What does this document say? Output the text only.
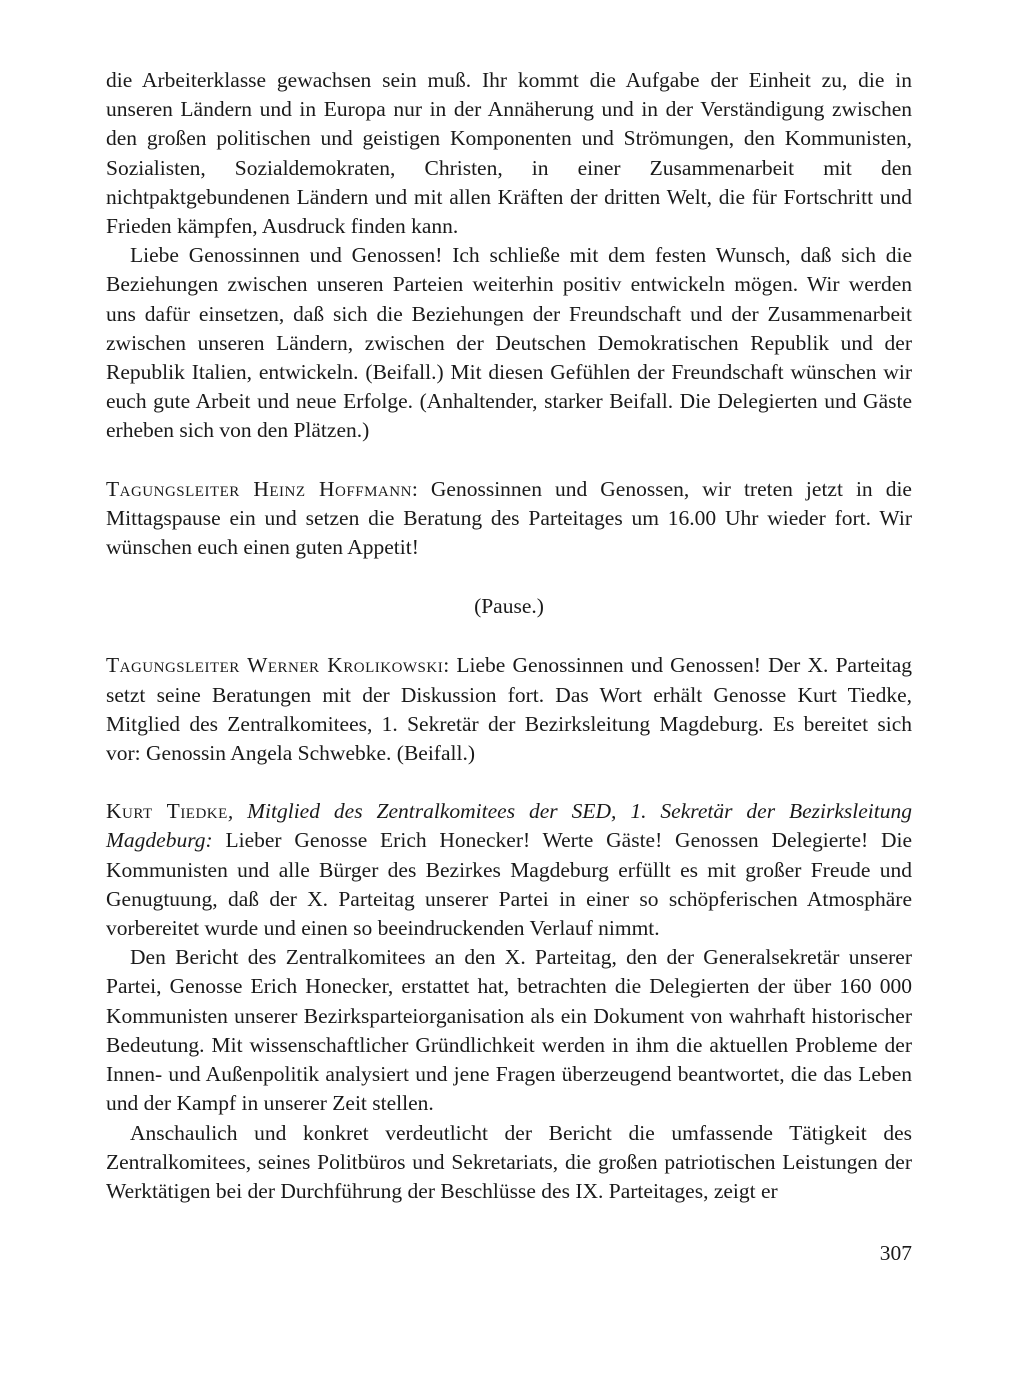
die Arbeiterklasse gewachsen sein muß. Ihr kommt die Aufgabe der Einheit zu, die in unseren Ländern und in Europa nur in der Annäherung und in der Verständigung zwischen den großen politischen und geistigen Komponenten und Strömungen, den Kommunisten, Sozialisten, Sozialdemokraten, Christen, in einer Zusammenarbeit mit den nichtpaktgebundenen Ländern und mit allen Kräften der dritten Welt, die für Fortschritt und Frieden kämpfen, Ausdruck finden kann.

Liebe Genossinnen und Genossen! Ich schließe mit dem festen Wunsch, daß sich die Beziehungen zwischen unseren Parteien weiterhin positiv entwickeln mögen. Wir werden uns dafür einsetzen, daß sich die Beziehungen der Freundschaft und der Zusammenarbeit zwischen unseren Ländern, zwischen der Deutschen Demokratischen Republik und der Republik Italien, entwickeln. (Beifall.) Mit diesen Gefühlen der Freundschaft wünschen wir euch gute Arbeit und neue Erfolge. (Anhaltender, starker Beifall. Die Delegierten und Gäste erheben sich von den Plätzen.)

Tagungsleiter Heinz Hoffmann: Genossinnen und Genossen, wir treten jetzt in die Mittagspause ein und setzen die Beratung des Parteitages um 16.00 Uhr wieder fort. Wir wünschen euch einen guten Appetit!

(Pause.)

Tagungsleiter Werner Krolikowski: Liebe Genossinnen und Genossen! Der X. Parteitag setzt seine Beratungen mit der Diskussion fort. Das Wort erhält Genosse Kurt Tiedke, Mitglied des Zentralkomitees, 1. Sekretär der Bezirksleitung Magdeburg. Es bereitet sich vor: Genossin Angela Schwebke. (Beifall.)

Kurt Tiedke, Mitglied des Zentralkomitees der SED, 1. Sekretär der Bezirksleitung Magdeburg: Lieber Genosse Erich Honecker! Werte Gäste! Genossen Delegierte! Die Kommunisten und alle Bürger des Bezirkes Magdeburg erfüllt es mit großer Freude und Genugtuung, daß der X. Parteitag unserer Partei in einer so schöpferischen Atmosphäre vorbereitet wurde und einen so beeindruckenden Verlauf nimmt.

Den Bericht des Zentralkomitees an den X. Parteitag, den der Generalsekretär unserer Partei, Genosse Erich Honecker, erstattet hat, betrachten die Delegierten der über 160 000 Kommunisten unserer Bezirksparteiorganisation als ein Dokument von wahrhaft historischer Bedeutung. Mit wissenschaftlicher Gründlichkeit werden in ihm die aktuellen Probleme der Innen- und Außenpolitik analysiert und jene Fragen überzeugend beantwortet, die das Leben und der Kampf in unserer Zeit stellen.

Anschaulich und konkret verdeutlicht der Bericht die umfassende Tätigkeit des Zentralkomitees, seines Politbüros und Sekretariats, die großen patriotischen Leistungen der Werktätigen bei der Durchführung der Beschlüsse des IX. Parteitages, zeigt er

307
